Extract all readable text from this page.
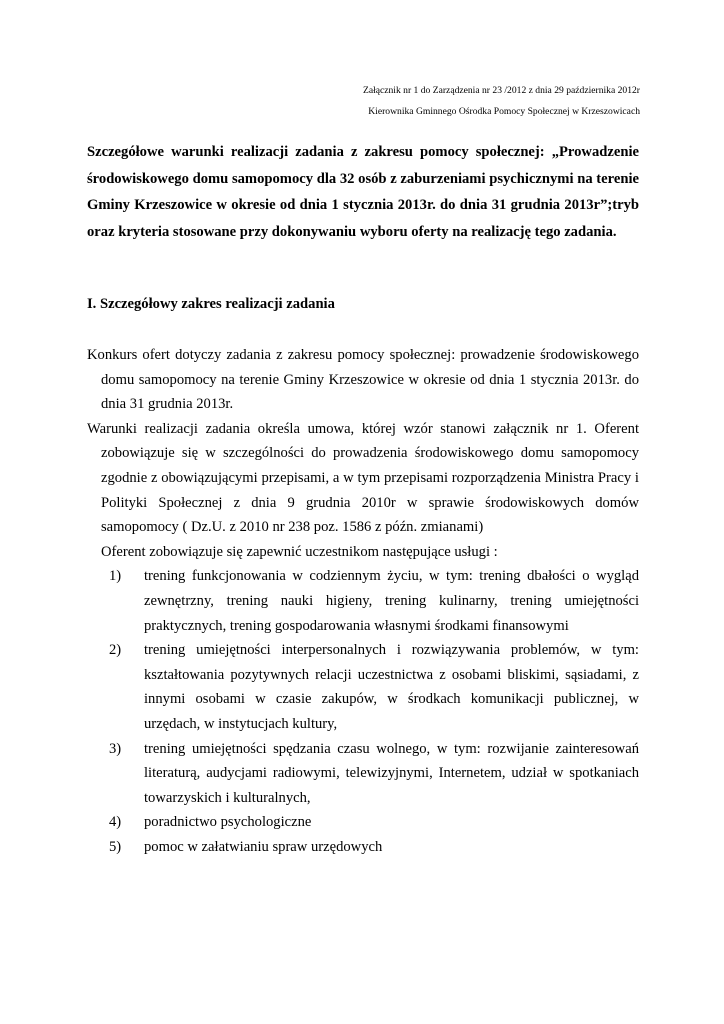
Załącznik nr 1 do Zarządzenia nr 23 /2012 z dnia 29 października 2012r
Kierownika Gminnego Ośrodka Pomocy Społecznej w Krzeszowicach

Szczegółowe warunki realizacji zadania z zakresu pomocy społecznej: „Prowadzenie środowiskowego domu samopomocy dla 32 osób z zaburzeniami psychicznymi na terenie Gminy Krzeszowice w okresie od dnia 1 stycznia 2013r. do dnia 31 grudnia 2013r”;tryb oraz kryteria stosowane przy dokonywaniu wyboru oferty na realizację tego zadania.

I. Szczegółowy zakres realizacji zadania

Konkurs ofert dotyczy zadania z zakresu pomocy społecznej: prowadzenie środowiskowego domu samopomocy na terenie Gminy Krzeszowice w okresie od dnia 1 stycznia 2013r. do dnia 31 grudnia 2013r.

Warunki realizacji zadania określa umowa, której wzór stanowi załącznik nr 1. Oferent zobowiązuje się w szczególności do prowadzenia środowiskowego domu samopomocy zgodnie z obowiązującymi przepisami, a w tym przepisami rozporządzenia Ministra Pracy i Polityki Społecznej z dnia 9 grudnia 2010r w sprawie środowiskowych domów samopomocy ( Dz.U. z 2010 nr 238 poz. 1586 z późn. zmianami)

Oferent zobowiązuje się zapewnić uczestnikom następujące usługi :

1) trening funkcjonowania w codziennym życiu, w tym: trening dbałości o wygląd zewnętrzny, trening nauki higieny, trening kulinarny, trening umiejętności praktycznych, trening gospodarowania własnymi środkami finansowymi
2) trening umiejętności interpersonalnych i rozwiązywania problemów, w tym: kształtowania pozytywnych relacji uczestnictwa z osobami bliskimi, sąsiadami, z innymi osobami w czasie zakupów, w środkach komunikacji publicznej, w urzędach, w instytucjach kultury,
3) trening umiejętności spędzania czasu wolnego, w tym: rozwijanie zainteresowań literaturą, audycjami radiowymi, telewizyjnymi, Internetem, udział w spotkaniach towarzyskich i kulturalnych,
4) poradnictwo psychologiczne
5) pomoc w załatwianiu spraw urzędowych
